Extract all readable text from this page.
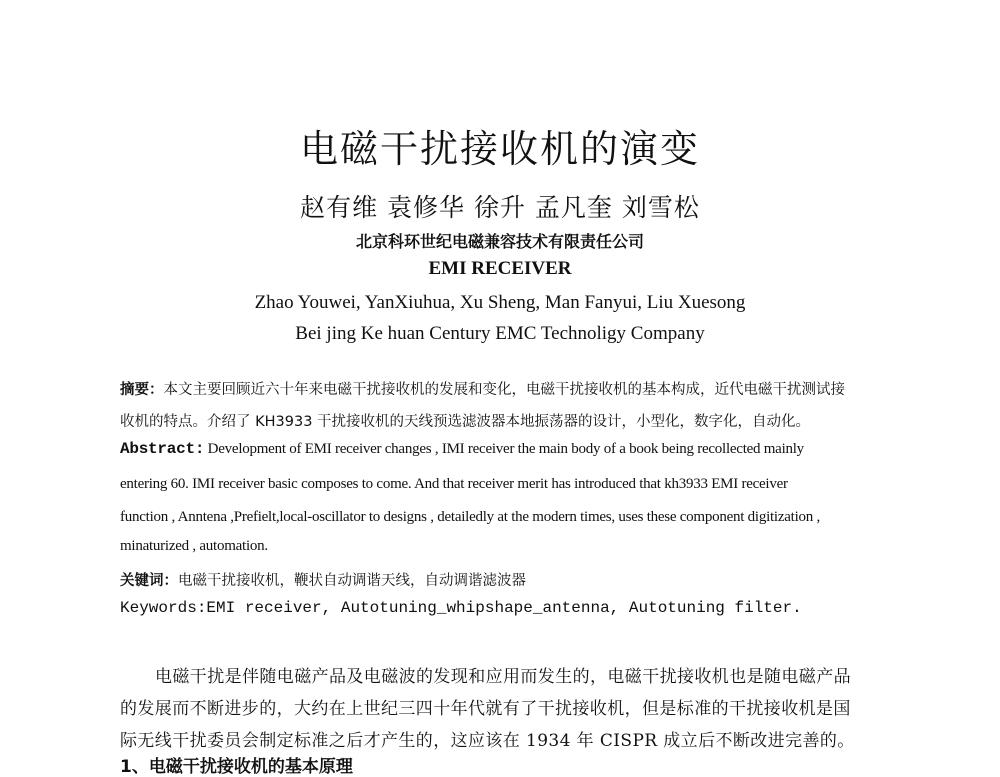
电磁干扰接收机的演变
赵有维 袁修华 徐升 孟凡奎 刘雪松
北京科环世纪电磁兼容技术有限责任公司
EMI RECEIVER
Zhao Youwei, YanXiuhua, Xu Sheng, Man Fanyui, Liu Xuesong
Bei jing Ke huan Century EMC Technoligy Company
摘要：本文主要回顾近六十年来电磁干扰接收机的发展和变化，电磁干扰接收机的基本构成，近代电磁干扰测试接
收机的特点。介绍了 KH3933 干扰接收机的天线预选滤波器本地振荡器的设计，小型化，数字化，自动化。
Abstract: Development of EMI receiver changes , IMI receiver the main body of a book being recollected mainly
entering 60. IMI receiver basic composes to come. And that receiver merit has introduced that kh3933 EMI receiver
function , Anntena ,Prefielt,local-oscillator to designs , detailedly at the modern times, uses these component digitization ,
minaturized , automation.
关键词：电磁干扰接收机，鞭状自动调谐天线，自动调谐滤波器
Keywords:EMI receiver, Autotuning_whipshape_antenna, Autotuning filter.
电磁干扰是伴随电磁产品及电磁波的发现和应用而发生的，电磁干扰接收机也是随电磁产品
的发展而不断进步的，大约在上世纪三四十年代就有了干扰接收机，但是标准的干扰接收机是国
际无线干扰委员会制定标准之后才产生的，这应该在 1934 年 CISPR 成立后不断改进完善的。
1、电磁干扰接收机的基本原理
